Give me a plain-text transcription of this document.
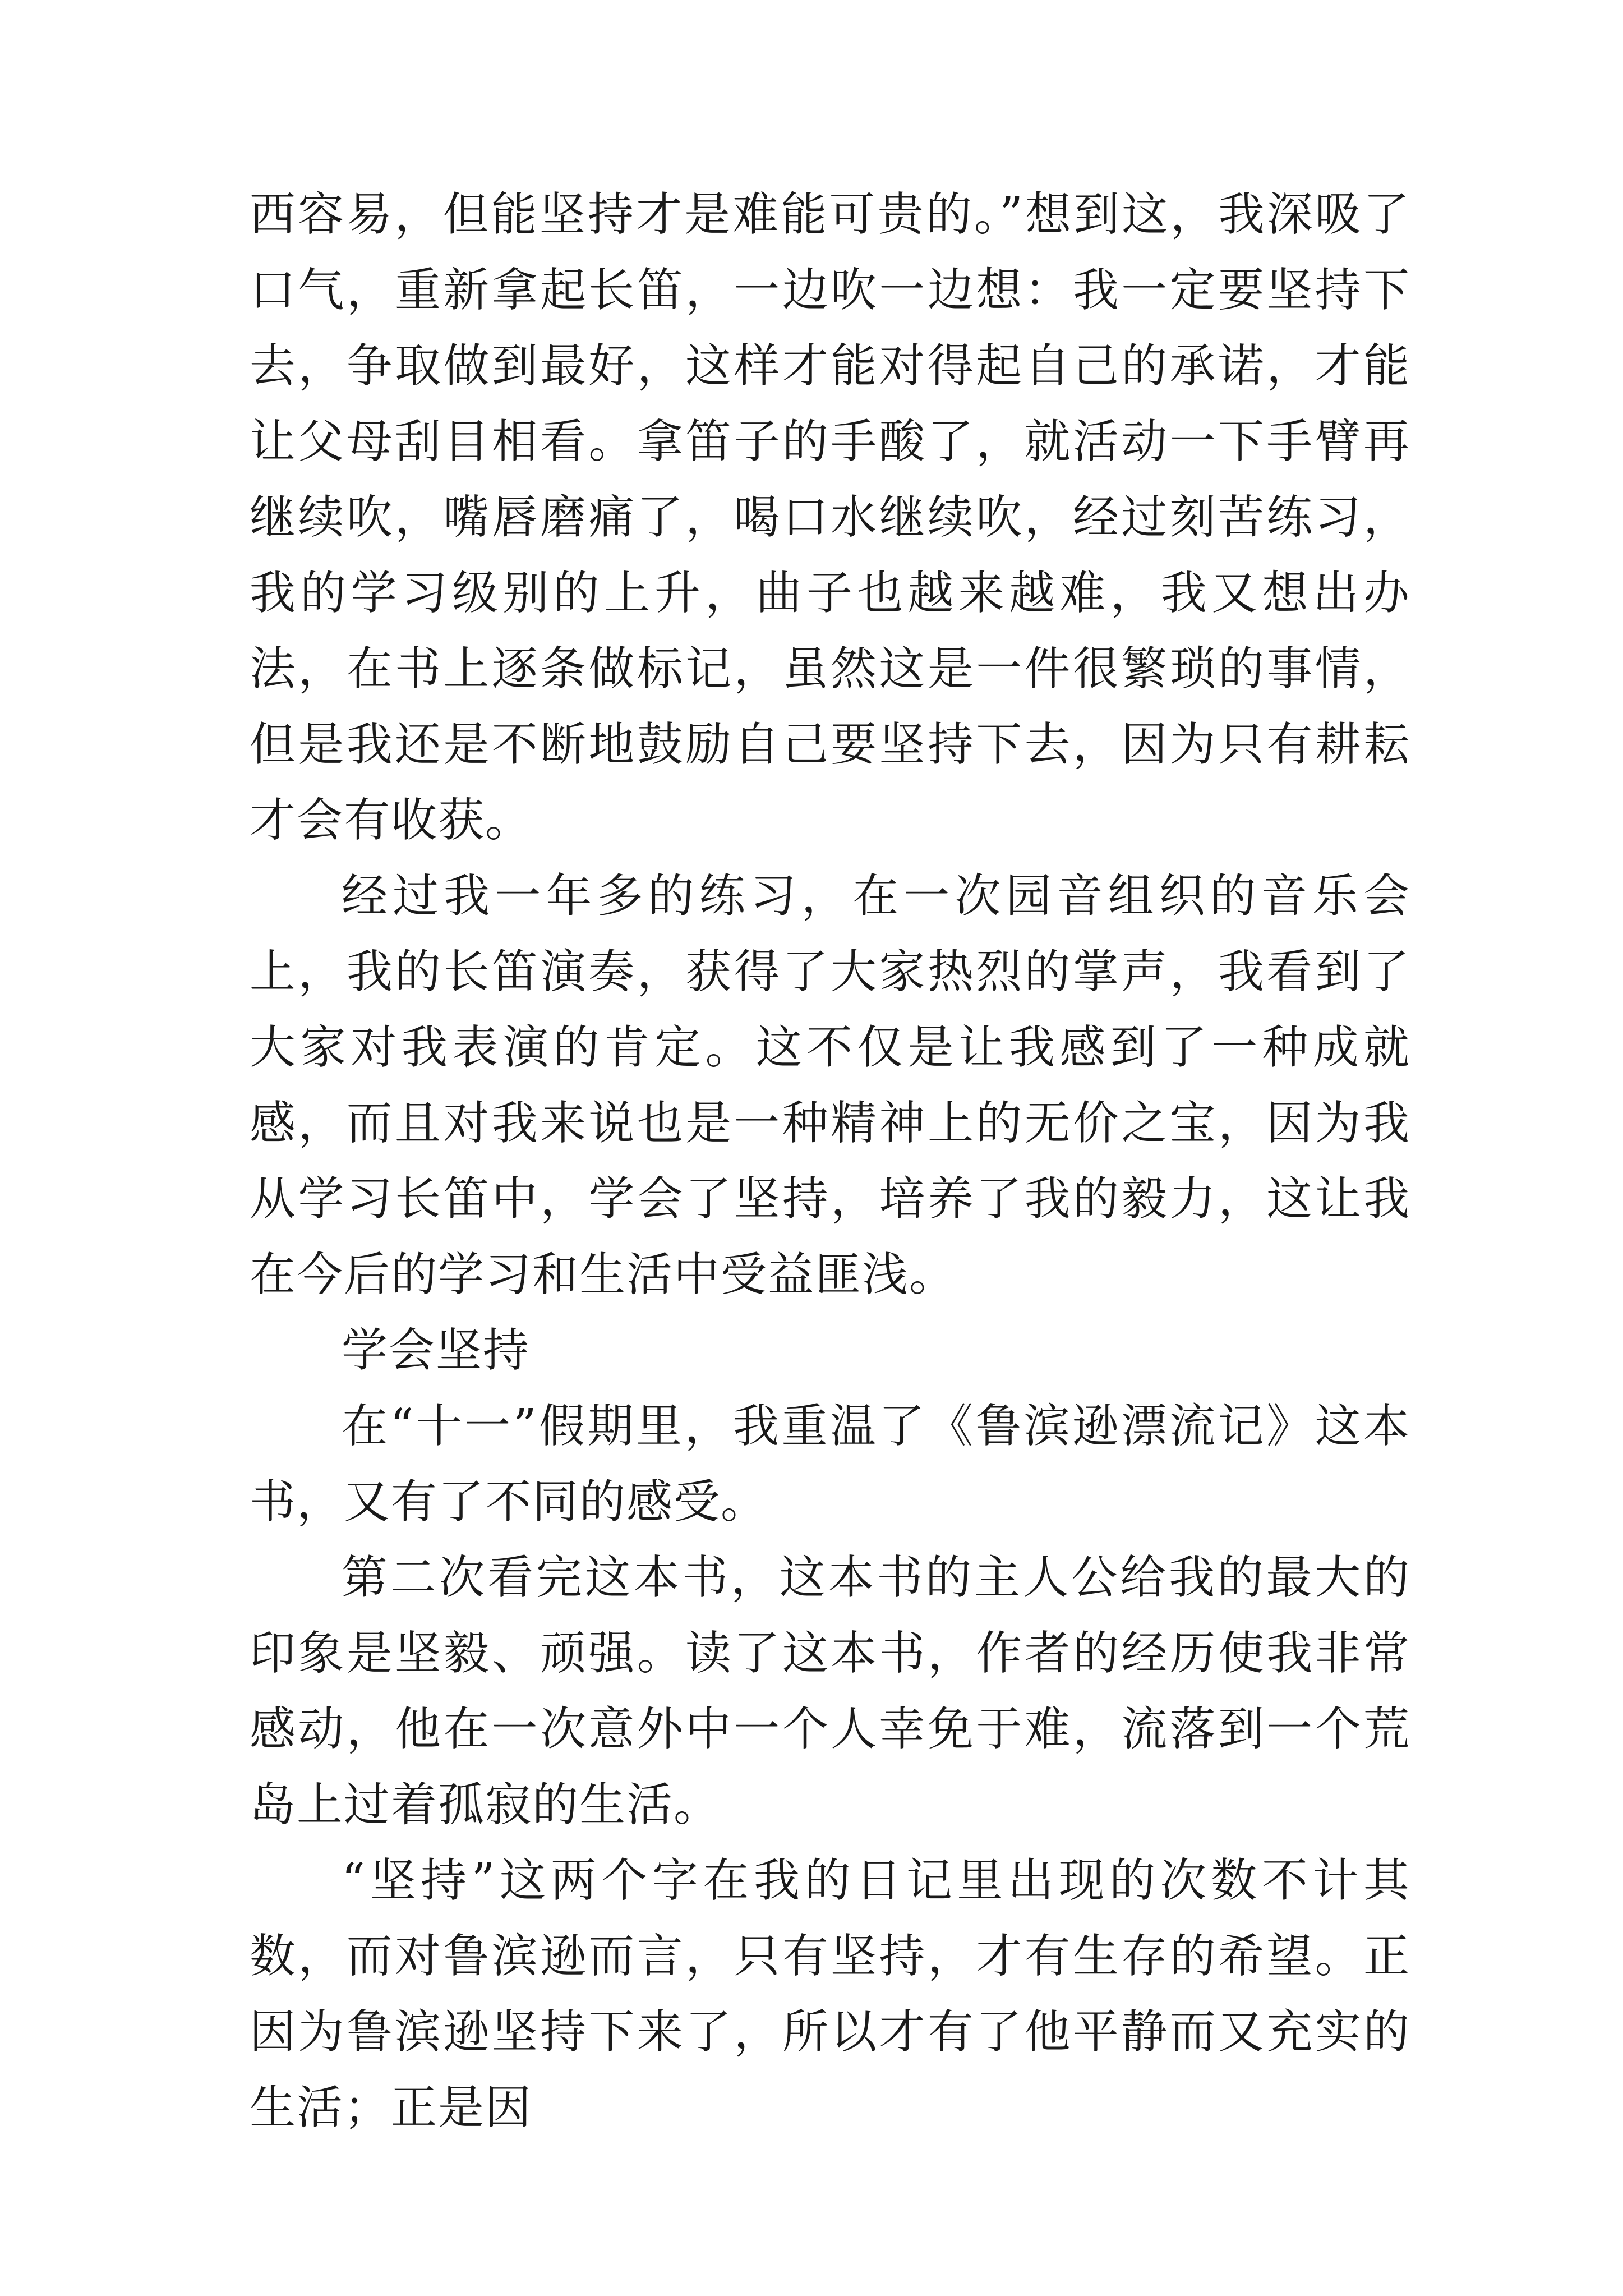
西容易，但能坚持才是难能可贵的。”想到这，我深吸了口气，重新拿起长笛，一边吹一边想：我一定要坚持下去，争取做到最好，这样才能对得起自己的承诺，才能让父母刮目相看。拿笛子的手酸了，就活动一下手臂再继续吹，嘴唇磨痛了，喝口水继续吹，经过刻苦练习，我的学习级别的上升，曲子也越来越难，我又想出办法，在书上逐条做标记，虽然这是一件很繁琐的事情，但是我还是不断地鼓励自己要坚持下去，因为只有耕耘才会有收获。

经过我一年多的练习，在一次园音组织的音乐会上，我的长笛演奏，获得了大家热烈的掌声，我看到了大家对我表演的肯定。这不仅是让我感到了一种成就感，而且对我来说也是一种精神上的无价之宝，因为我从学习长笛中，学会了坚持，培养了我的毅力，这让我在今后的学习和生活中受益匪浅。

学会坚持

在“十一”假期里，我重温了《鲁滨逊漂流记》这本书，又有了不同的感受。

第二次看完这本书，这本书的主人公给我的最大的印象是坚毅、顽强。读了这本书，作者的经历使我非常感动，他在一次意外中一个人幸免于难，流落到一个荒岛上过着孤寂的生活。

“坚持”这两个字在我的日记里出现的次数不计其数，而对鲁滨逊而言，只有坚持，才有生存的希望。正因为鲁滨逊坚持下来了，所以才有了他平静而又充实的生活；正是因
